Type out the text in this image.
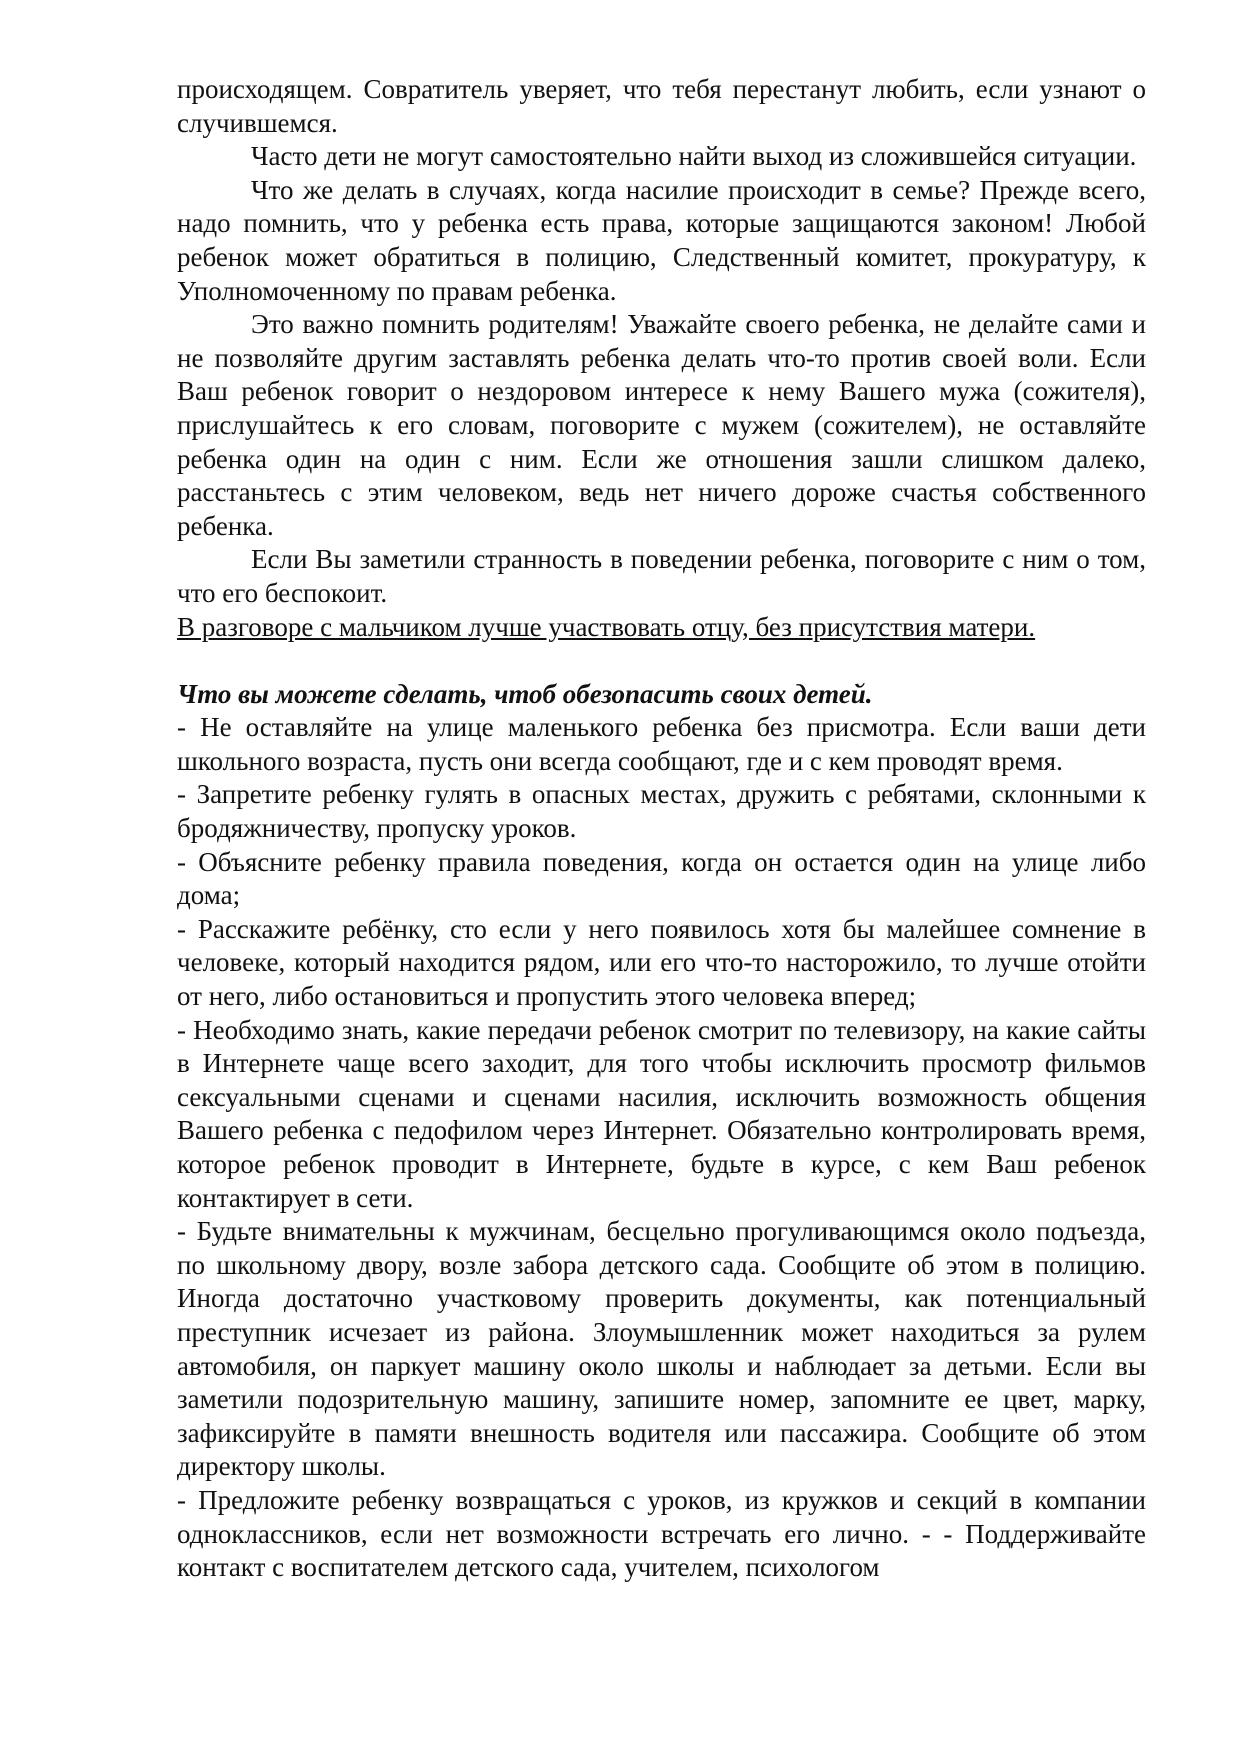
происходящем. Совратитель уверяет, что тебя перестанут любить, если узнают о случившемся.

Часто дети не могут самостоятельно найти выход из сложившейся ситуации.

Что же делать в случаях, когда насилие происходит в семье? Прежде всего, надо помнить, что у ребенка есть права, которые защищаются законом! Любой ребенок может обратиться в полицию, Следственный комитет, прокуратуру, к Уполномоченному по правам ребенка.

Это важно помнить родителям! Уважайте своего ребенка, не делайте сами и не позволяйте другим заставлять ребенка делать что-то против своей воли. Если Ваш ребенок говорит о нездоровом интересе к нему Вашего мужа (сожителя), прислушайтесь к его словам, поговорите с мужем (сожителем), не оставляйте ребенка один на один с ним. Если же отношения зашли слишком далеко, расстаньтесь с этим человеком, ведь нет ничего дороже счастья собственного ребенка.

Если Вы заметили странность в поведении ребенка, поговорите с ним о том, что его беспокоит.

В разговоре с мальчиком лучше участвовать отцу, без присутствия матери.

Что вы можете сделать, чтоб обезопасить своих детей.

- Не оставляйте на улице маленького ребенка без присмотра. Если ваши дети школьного возраста, пусть они всегда сообщают, где и с кем проводят время.
- Запретите ребенку гулять в опасных местах, дружить с ребятами, склонными к бродяжничеству, пропуску уроков.
- Объясните ребенку правила поведения, когда он остается один на улице либо дома;
- Расскажите ребёнку, сто если у него появилось хотя бы малейшее сомнение в человеке, который находится рядом, или его что-то насторожило, то лучше отойти от него, либо остановиться и пропустить этого человека вперед;
- Необходимо знать, какие передачи ребенок смотрит по телевизору, на какие сайты в Интернете чаще всего заходит, для того чтобы исключить просмотр фильмов сексуальными сценами и сценами насилия, исключить возможность общения Вашего ребенка с педофилом через Интернет. Обязательно контролировать время, которое ребенок проводит в Интернете, будьте в курсе, с кем Ваш ребенок контактирует в сети.
- Будьте внимательны к мужчинам, бесцельно прогуливающимся около подъезда, по школьному двору, возле забора детского сада. Сообщите об этом в полицию. Иногда достаточно участковому проверить документы, как потенциальный преступник исчезает из района. Злоумышленник может находиться за рулем автомобиля, он паркует машину около школы и наблюдает за детьми. Если вы заметили подозрительную машину, запишите номер, запомните ее цвет, марку, зафиксируйте в памяти внешность водителя или пассажира. Сообщите об этом директору школы.
- Предложите ребенку возвращаться с уроков, из кружков и секций в компании одноклассников, если нет возможности встречать его лично. - - Поддерживайте контакт с воспитателем детского сада, учителем, психологом
